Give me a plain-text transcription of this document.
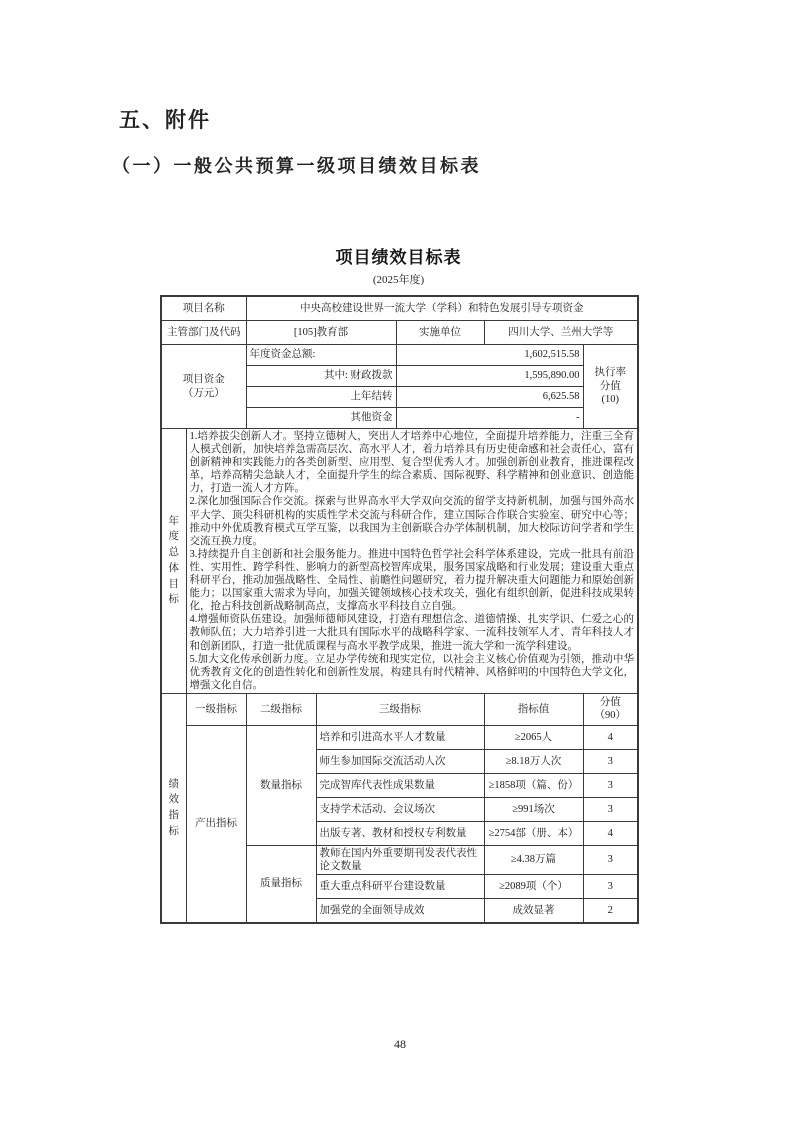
五、附件
（一）一般公共预算一级项目绩效目标表
项目绩效目标表
(2025年度)
项目名称		中央高校建设世界一流大学（学科）和特色发展引导专项资金				
主管部门及代码		[105]教育部		实施单位	四川大学、兰州大学等	

项目资金
（万元）
	年度资金总额:	1,602,515.58	
执行率
分值
(10)

		其中: 财政拨款		1,595,890.00		
		上年结转		6,625.58		
		其他资金		-		
年度总体目标	1.培养拔尖创新人才。坚持立德树人，突出人才培养中心地位，全面提升培养能力，注重三全育人模式创新，加快培养急需高层次、高水平人才，着力培养具有历史使命感和社会责任心，富有创新精神和实践能力的各类创新型、应用型、复合型优秀人才。加强创新创业教育，推进课程改革，培养高精尖急缺人才，全面提升学生的综合素质、国际视野、科学精神和创业意识、创造能力，打造一流人才方阵。

2.深化加强国际合作交流。探索与世界高水平大学双向交流的留学支持新机制，加强与国外高水平大学、顶尖科研机构的实质性学术交流与科研合作，建立国际合作联合实验室、研究中心等；推动中外优质教育模式互学互鉴，以我国为主创新联合办学体制机制，加大校际访问学者和学生交流互换力度。

3.持续提升自主创新和社会服务能力。推进中国特色哲学社会科学体系建设，完成一批具有前沿性、实用性、跨学科性、影响力的新型高校智库成果，服务国家战略和行业发展；建设重大重点科研平台，推动加强战略性、全局性、前瞻性问题研究，着力提升解决重大问题能力和原始创新能力；以国家重大需求为导向，加强关键领域核心技术攻关，强化有组织创新，促进科技成果转化，抢占科技创新战略制高点，支撑高水平科技自立自强。

4.增强师资队伍建设。加强师德师风建设，打造有理想信念、道德情操、扎实学识、仁爱之心的教师队伍；大力培养引进一大批具有国际水平的战略科学家、一流科技领军人才、青年科技人才和创新团队，打造一批优质课程与高水平教学成果，推进一流大学和一流学科建设。

5.加大文化传承创新力度。立足办学传统和现实定位，以社会主义核心价值观为引领，推动中华优秀教育文化的创造性转化和创新性发展，构建具有时代精神、风格鲜明的中国特色大学文化，增强文化自信。					

绩效指标	一级指标	二级指标	三级指标		指标值	分值
（90）

	产出指标	数量指标	培养和引进高水平人才数量		≥2065人	4
			师生参加国际交流活动人次		≥8.18万人次	3
			完成智库代表性成果数量		≥1858项（篇、份）	3
			支持学术活动、会议场次		≥991场次	3
			出版专著、教材和授权专利数量		≥2754部（册、本）	4
		质量指标	教师在国内外重要期刊发表代表性论文数量		≥4.38万篇	3
			重大重点科研平台建设数量		≥2089项（个）	3
			加强党的全面领导成效		成效显著	2
48
